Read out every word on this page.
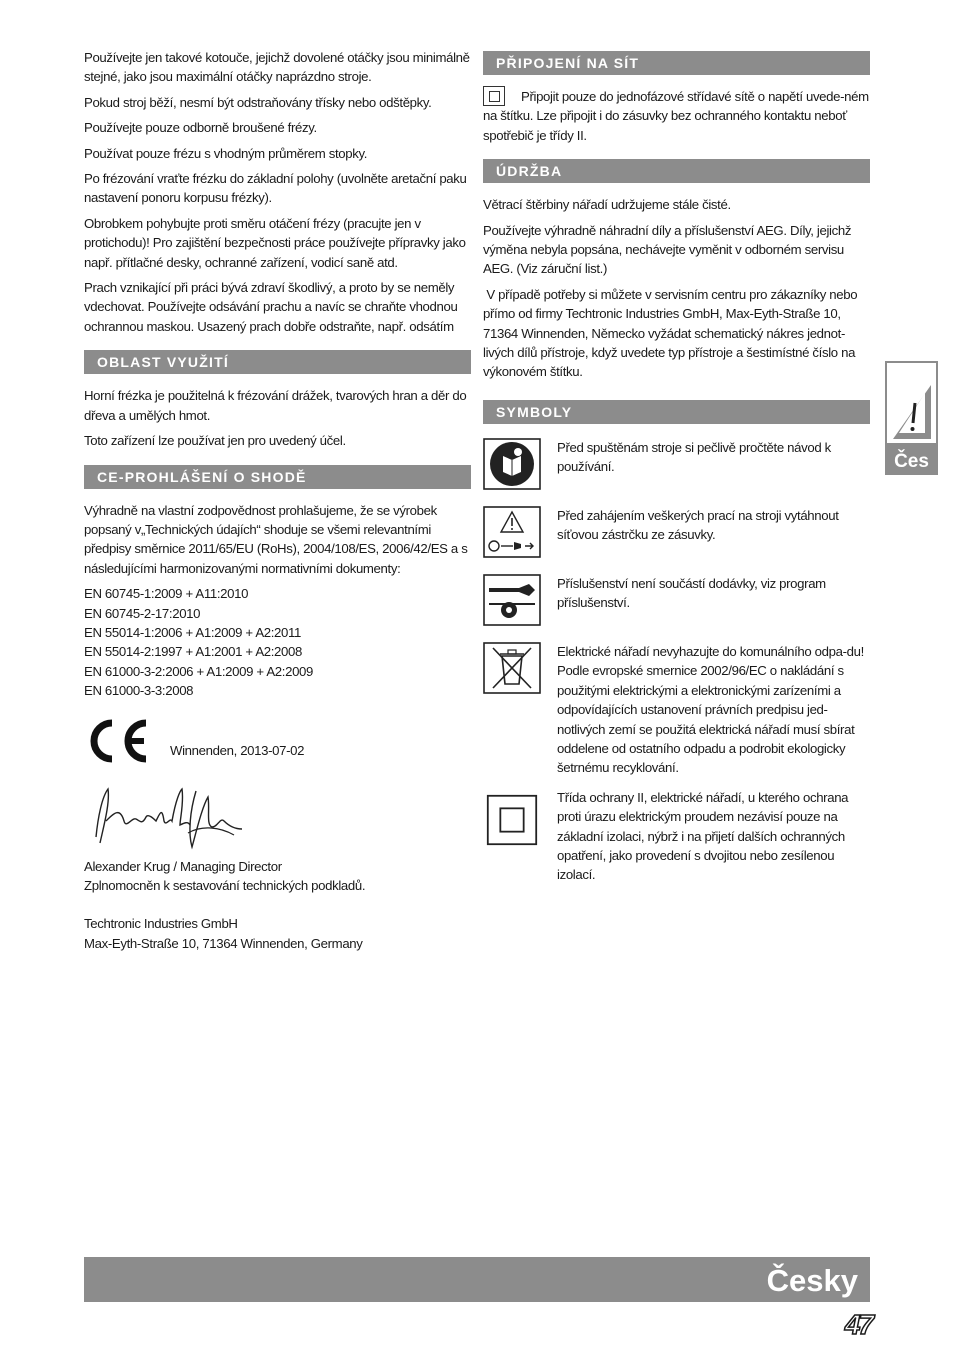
Používejte jen takové kotouče, jejichž dovolené otáčky jsou minimálně stejné, jako jsou maximální otáčky naprázdno stroje.

Pokud stroj běží, nesmí být odstraňovány třísky nebo odštěpky.

Používejte pouze odborně broušené frézy.

Používat pouze frézu s vhodným průměrem stopky.

Po frézování vraťte frézku do základní polohy (uvolněte aretační paku nastavení ponoru korpusu frézky).

Obrobkem pohybujte proti směru otáčení frézy (pracujte jen v protichodu)! Pro zajištění bezpečnosti práce používejte přípravky jako např. přítlačné desky, ochranné zařízení, vodicí saně atd.

Prach vznikající při práci bývá zdraví škodlivý, a proto by se neměly vdechovat. Používejte odsávání prachu a navíc se chraňte vhodnou ochrannou maskou. Usazený prach dobře odstraňte, např. odsátím

OBLAST VYUŽITÍ

Horní frézka je použitelná k frézování drážek, tvarových hran a děr do dřeva a umělých hmot.

Toto zařízení lze používat jen pro uvedený účel.

CE-PROHLÁŠENÍ O SHODĚ

Výhradně na vlastní zodpovědnost prohlašujeme, že se výrobek popsaný v„Technických údajích“ shoduje se všemi relevantními předpisy směrnice 2011/65/EU (RoHs), 2004/108/ES, 2006/42/ES a s následujícími harmonizovanými normativními dokumenty:

EN 60745-1:2009 + A11:2010

EN 60745-2-17:2010

EN 55014-1:2006 + A1:2009 + A2:2011

EN 55014-2:1997 + A1:2001 + A2:2008

EN 61000-3-2:2006 + A1:2009 + A2:2009

EN 61000-3-3:2008

Winnenden, 2013-07-02

Alexander Krug / Managing Director

Zplnomocněn k sestavování technických podkladů.

Techtronic Industries GmbH

Max-Eyth-Straße 10, 71364 Winnenden, Germany

PŘIPOJENÍ NA SÍT

Připojit pouze do jednofázové střídavé sítě o napětí uvede-ném na štítku. Lze připojit i do zásuvky bez ochranného kontaktu neboť spotřebič je třídy II.

ÚDRŽBA

Větrací štěrbiny nářadí udržujeme stále čisté.

Používejte výhradně náhradní díly a příslušenství AEG. Díly, jejichž výměna nebyla popsána, nechávejte vyměnit v odborném servisu AEG. (Viz záruční list.)

V případě potřeby si můžete v servisním centru pro zákazníky nebo přímo od firmy Techtronic Industries GmbH, Max-Eyth-Straße 10, 71364 Winnenden, Německo vyžádat schematický nákres jednot-livých dílů přístroje, když uvedete typ přístroje a šestimístné číslo na výkonovém štítku.

SYMBOLY

Před spuštěnám stroje si pečlivě pročtěte návod k používání.

Před zahájením veškerých prací na stroji vytáhnout síťovou zástrčku ze zásuvky.

Příslušenství není součástí dodávky, viz program příslušenství.

Elektrické nářadí nevyhazujte do komunálního odpa-du! Podle evropské smernice 2002/96/EC o nakládání s použitými elektrickými a elektronickými zarízeními a odpovídajících ustanovení právních predpisu jed-notlivých zemí se použitá elektrická nářadí musí sbírat oddelene od ostatního odpadu a podrobit ekologicky šetrnému recyklování.

Třída ochrany II, elektrické nářadí, u kterého ochrana proti úrazu elektrickým proudem nezávisí pouze na základní izolaci, nýbrž i na přijetí dalších ochranných opatření, jako provedení s dvojitou nebo zesílenou izolací.

Čes
Česky
47
